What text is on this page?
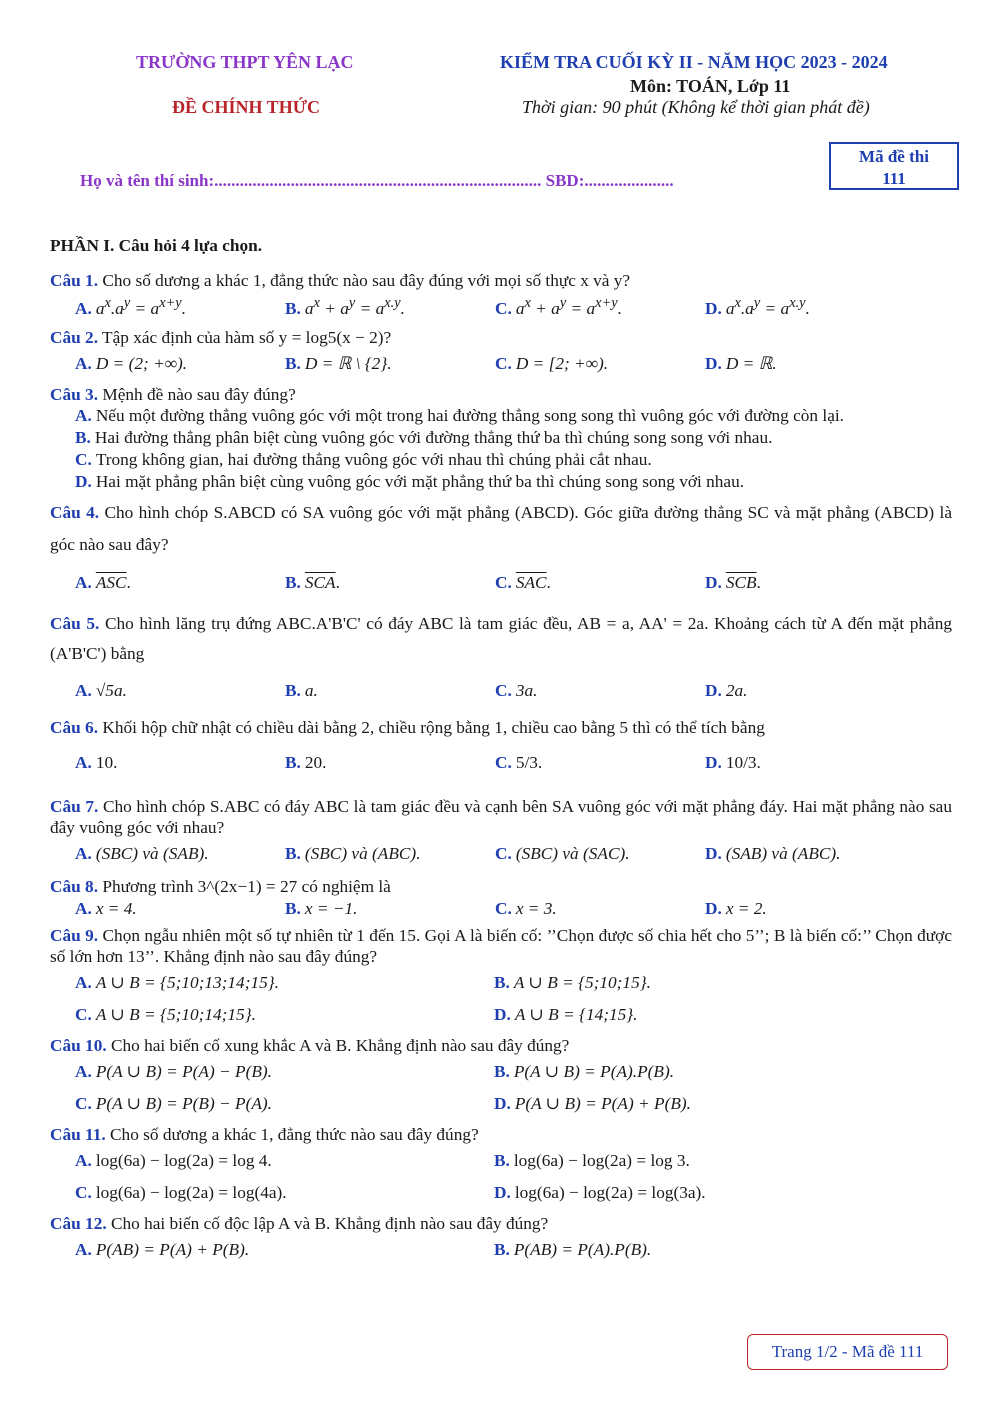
TRƯỜNG THPT YÊN LẠC	KIỂM TRA CUỐI KỲ II - NĂM HỌC 2023 - 2024
Môn: TOÁN, Lớp 11
ĐỀ CHÍNH THỨC	Thời gian: 90 phút (Không kể thời gian phát đề)
Họ và tên thí sinh:............................................................................. SBD:.....................
Mã đề thi
111
PHẦN I. Câu hỏi 4 lựa chọn.
Câu 1. Cho số dương a khác 1, đẳng thức nào sau đây đúng với mọi số thực x và y?
A. $a^x.a^y = a^{x+y}$.	B. $a^x + a^y = a^{x.y}$.	C. $a^x + a^y = a^{x+y}$.	D. $a^x.a^y = a^{x.y}$.
Câu 2. Tập xác định của hàm số y = log5(x − 2)?
A. D = (2; +∞).	B. D = ℝ \ {2}.	C. D = [2; +∞).	D. D = ℝ.
Câu 3. Mệnh đề nào sau đây đúng?
A. Nếu một đường thẳng vuông góc với một trong hai đường thẳng song song thì vuông góc với đường còn lại.
B. Hai đường thẳng phân biệt cùng vuông góc với đường thẳng thứ ba thì chúng song song với nhau.
C. Trong không gian, hai đường thẳng vuông góc với nhau thì chúng phải cắt nhau.
D. Hai mặt phẳng phân biệt cùng vuông góc với mặt phẳng thứ ba thì chúng song song với nhau.
Câu 4. Cho hình chóp S.ABCD có SA vuông góc với mặt phẳng (ABCD). Góc giữa đường thẳng SC và mặt phẳng (ABCD) là góc nào sau đây?
A. $\overline{ASC}$.	B. $\overline{SCA}$.	C. $\overline{SAC}$.	D. $\overline{SCB}$.
Câu 5. Cho hình lăng trụ đứng ABC.A'B'C' có đáy ABC là tam giác đều, AB = a, AA' = 2a. Khoảng cách từ A đến mặt phẳng (A'B'C') bằng
A. √5a.	B. a.	C. 3a.	D. 2a.
Câu 6. Khối hộp chữ nhật có chiều dài bằng 2, chiều rộng bằng 1, chiều cao bằng 5 thì có thể tích bằng
A. 10.	B. 20.	C. 5/3.	D. 10/3.
Câu 7. Cho hình chóp S.ABC có đáy ABC là tam giác đều và cạnh bên SA vuông góc với mặt phẳng đáy. Hai mặt phẳng nào sau đây vuông góc với nhau?
A. (SBC) và (SAB).	B. (SBC) và (ABC).	C. (SBC) và (SAC).	D. (SAB) và (ABC).
Câu 8. Phương trình 3^(2x−1) = 27 có nghiệm là
A. x = 4.	B. x = −1.	C. x = 3.	D. x = 2.
Câu 9. Chọn ngẫu nhiên một số tự nhiên từ 1 đến 15. Gọi A là biến cố: ’’Chọn được số chia hết cho 5’’; B là biến cố:’’ Chọn được số lớn hơn 13’’. Khẳng định nào sau đây đúng?
A. A ∪ B = {5;10;13;14;15}.	B. A ∪ B = {5;10;15}.
C. A ∪ B = {5;10;14;15}.	D. A ∪ B = {14;15}.
Câu 10. Cho hai biến cố xung khắc A và B. Khẳng định nào sau đây đúng?
A. P(A ∪ B) = P(A) − P(B).	B. P(A ∪ B) = P(A).P(B).
C. P(A ∪ B) = P(B) − P(A).	D. P(A ∪ B) = P(A) + P(B).
Câu 11. Cho số dương a khác 1, đẳng thức nào sau đây đúng?
A. log(6a) − log(2a) = log 4.	B. log(6a) − log(2a) = log 3.
C. log(6a) − log(2a) = log(4a).	D. log(6a) − log(2a) = log(3a).
Câu 12. Cho hai biến cố độc lập A và B. Khẳng định nào sau đây đúng?
A. P(AB) = P(A) + P(B).	B. P(AB) = P(A).P(B).
Trang 1/2 - Mã đề 111
